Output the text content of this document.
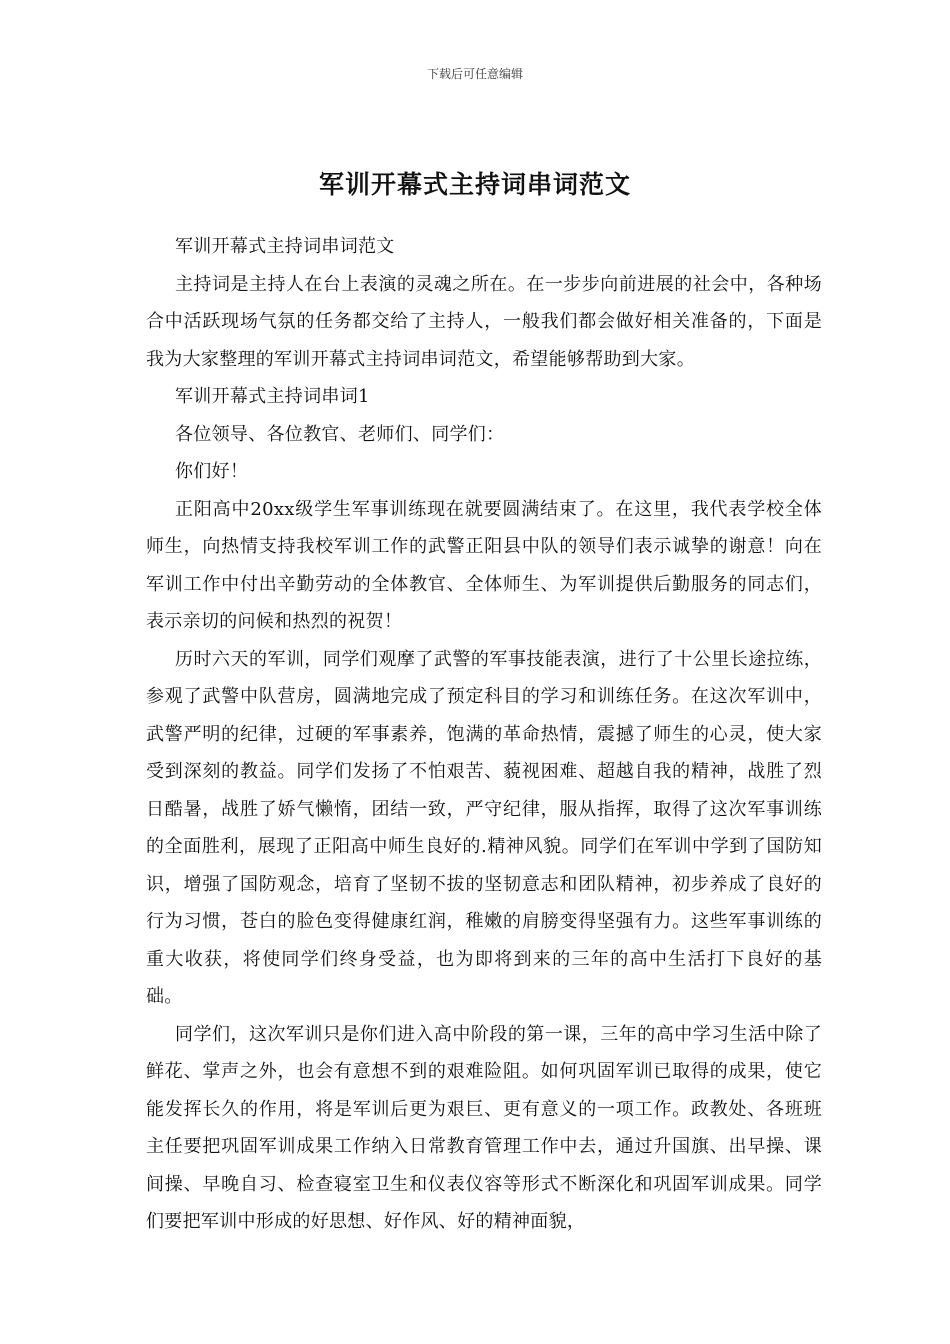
下载后可任意编辑
军训开幕式主持词串词范文

军训开幕式主持词串词范文

主持词是主持人在台上表演的灵魂之所在。在一步步向前进展的社会中，各种场合中活跃现场气氛的任务都交给了主持人，一般我们都会做好相关准备的，下面是我为大家整理的军训开幕式主持词串词范文，希望能够帮助到大家。

军训开幕式主持词串词1

各位领导、各位教官、老师们、同学们：

你们好！

正阳高中20xx级学生军事训练现在就要圆满结束了。在这里，我代表学校全体师生，向热情支持我校军训工作的武警正阳县中队的领导们表示诚挚的谢意！向在军训工作中付出辛勤劳动的全体教官、全体师生、为军训提供后勤服务的同志们，表示亲切的问候和热烈的祝贺！

历时六天的军训，同学们观摩了武警的军事技能表演，进行了十公里长途拉练，参观了武警中队营房，圆满地完成了预定科目的学习和训练任务。在这次军训中，武警严明的纪律，过硬的军事素养，饱满的革命热情，震撼了师生的心灵，使大家受到深刻的教益。同学们发扬了不怕艰苦、藐视困难、超越自我的精神，战胜了烈日酷暑，战胜了娇气懒惰，团结一致，严守纪律，服从指挥，取得了这次军事训练的全面胜利，展现了正阳高中师生良好的.精神风貌。同学们在军训中学到了国防知识，增强了国防观念，培育了坚韧不拔的坚韧意志和团队精神，初步养成了良好的行为习惯，苍白的脸色变得健康红润，稚嫩的肩膀变得坚强有力。这些军事训练的重大收获，将使同学们终身受益，也为即将到来的三年的高中生活打下良好的基础。

同学们，这次军训只是你们进入高中阶段的第一课，三年的高中学习生活中除了鲜花、掌声之外，也会有意想不到的艰难险阻。如何巩固军训已取得的成果，使它能发挥长久的作用，将是军训后更为艰巨、更有意义的一项工作。政教处、各班班主任要把巩固军训成果工作纳入日常教育管理工作中去，通过升国旗、出早操、课间操、早晚自习、检查寝室卫生和仪表仪容等形式不断深化和巩固军训成果。同学们要把军训中形成的好思想、好作风、好的精神面貌，
